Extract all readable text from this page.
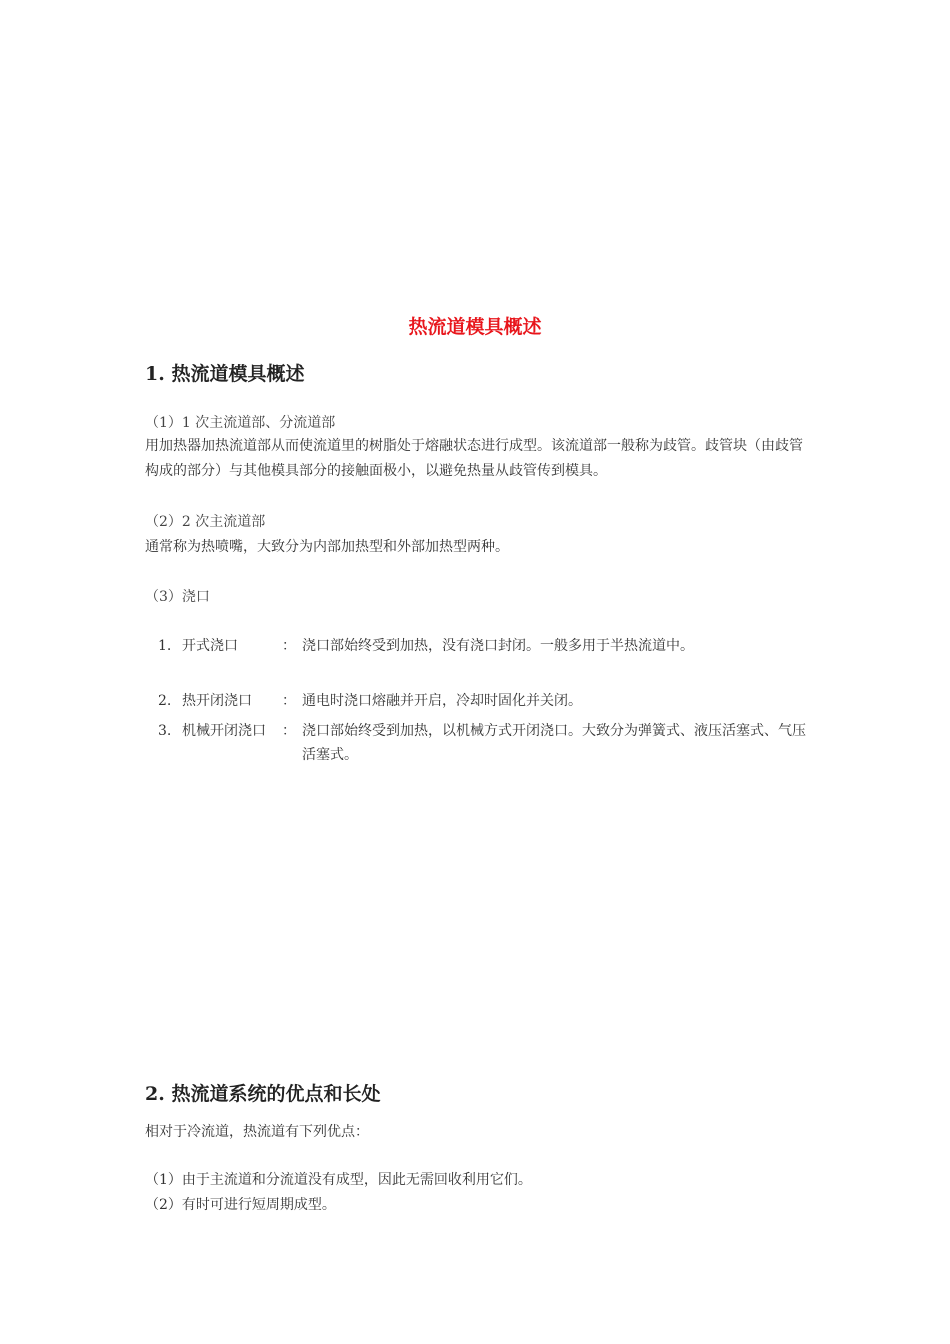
热流道模具概述
1. 热流道模具概述
（1）1 次主流道部、分流道部
用加热器加热流道部从而使流道里的树脂处于熔融状态进行成型。该流道部一般称为歧管。歧管块（由歧管构成的部分）与其他模具部分的接触面极小，以避免热量从歧管传到模具。
（2）2 次主流道部
通常称为热喷嘴，大致分为内部加热型和外部加热型两种。
（3）浇口
1. 开式浇口	： 浇口部始终受到加热，没有浇口封闭。一般多用于半热流道中。
2. 热开闭浇口	： 通电时浇口熔融并开启，冷却时固化并关闭。
3. 机械开闭浇口	： 浇口部始终受到加热，以机械方式开闭浇口。大致分为弹簧式、液压活塞式、气压活塞式。
2. 热流道系统的优点和长处
相对于冷流道，热流道有下列优点：
（1）由于主流道和分流道没有成型，因此无需回收利用它们。
（2）有时可进行短周期成型。
